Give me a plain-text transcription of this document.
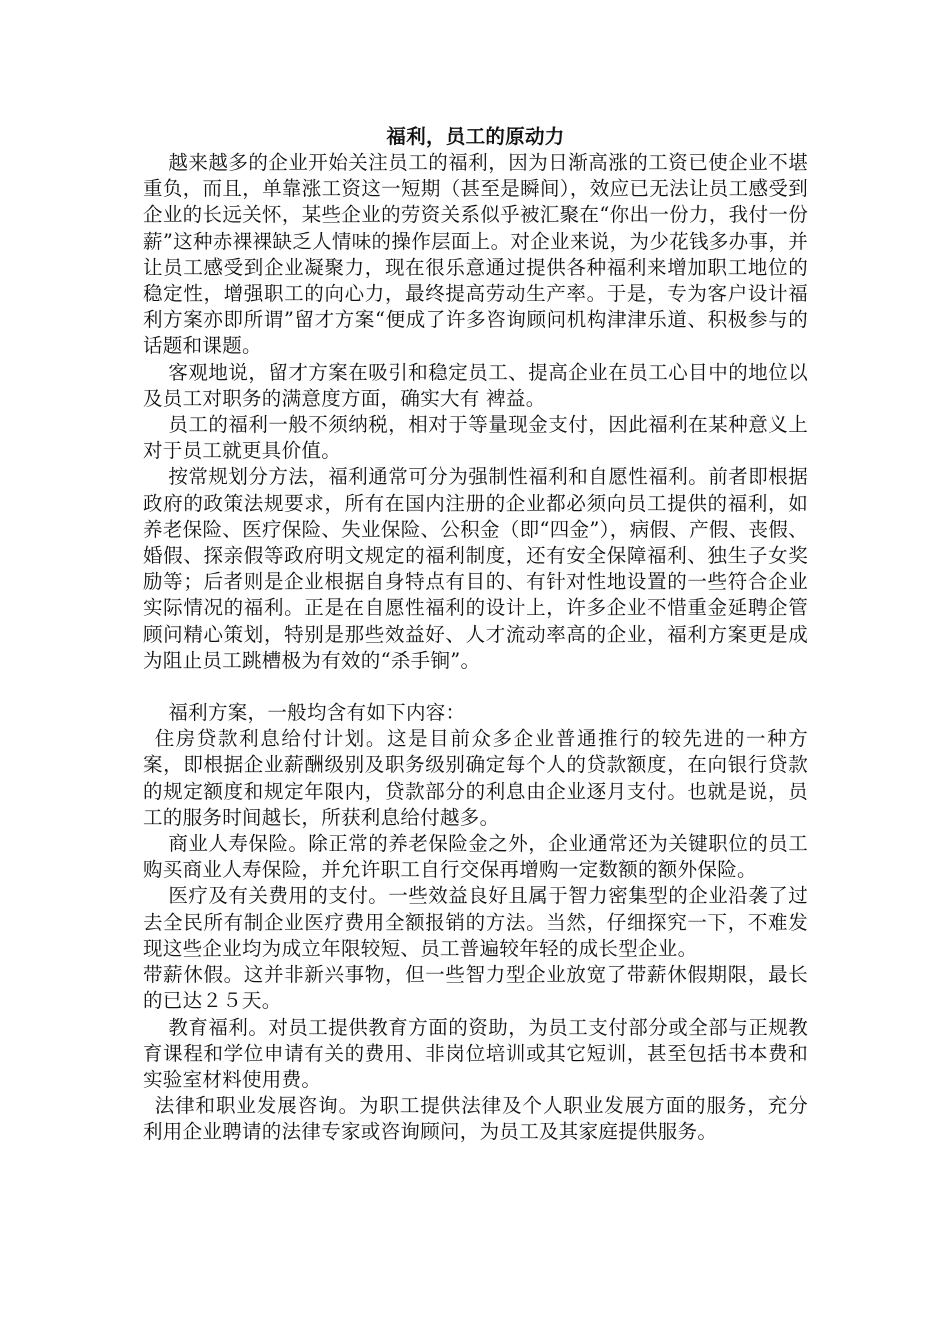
福利，员工的原动力

越来越多的企业开始关注员工的福利，因为日渐高涨的工资已使企业不堪重负，而且，单靠涨工资这一短期（甚至是瞬间），效应已无法让员工感受到企业的长远关怀，某些企业的劳资关系似乎被汇聚在“你出一份力，我付一份薪”这种赤裸裸缺乏人情味的操作层面上。对企业来说，为少花钱多办事，并让员工感受到企业凝聚力，现在很乐意通过提供各种福利来增加职工地位的稳定性，增强职工的向心力，最终提高劳动生产率。于是，专为客户设计福利方案亦即所谓”留才方案“便成了许多咨询顾问机构津津乐道、积极参与的话题和课题。

客观地说，留才方案在吸引和稳定员工、提高企业在员工心目中的地位以及员工对职务的满意度方面，确实大有 裨益。

员工的福利一般不须纳税，相对于等量现金支付，因此福利在某种意义上对于员工就更具价值。

按常规划分方法，福利通常可分为强制性福利和自愿性福利。前者即根据政府的政策法规要求，所有在国内注册的企业都必须向员工提供的福利，如养老保险、医疗保险、失业保险、公积金（即“四金”），病假、产假、丧假、婚假、探亲假等政府明文规定的福利制度，还有安全保障福利、独生子女奖励等；后者则是企业根据自身特点有目的、有针对性地设置的一些符合企业实际情况的福利。正是在自愿性福利的设计上，许多企业不惜重金延聘企管顾问精心策划，特别是那些效益好、人才流动率高的企业，福利方案更是成为阻止员工跳槽极为有效的“杀手锏”。

福利方案，一般均含有如下内容：

住房贷款利息给付计划。这是目前众多企业普通推行的较先进的一种方案，即根据企业薪酬级别及职务级别确定每个人的贷款额度，在向银行贷款的规定额度和规定年限内，贷款部分的利息由企业逐月支付。也就是说，员工的服务时间越长，所获利息给付越多。

商业人寿保险。除正常的养老保险金之外，企业通常还为关键职位的员工购买商业人寿保险，并允许职工自行交保再增购一定数额的额外保险。

医疗及有关费用的支付。一些效益良好且属于智力密集型的企业沿袭了过去全民所有制企业医疗费用全额报销的方法。当然，仔细探究一下，不难发现这些企业均为成立年限较短、员工普遍较年轻的成长型企业。

带薪休假。这并非新兴事物，但一些智力型企业放宽了带薪休假期限，最长的已达２５天。

教育福利。对员工提供教育方面的资助，为员工支付部分或全部与正规教育课程和学位申请有关的费用、非岗位培训或其它短训，甚至包括书本费和实验室材料使用费。

法律和职业发展咨询。为职工提供法律及个人职业发展方面的服务，充分利用企业聘请的法律专家或咨询顾问，为员工及其家庭提供服务。
